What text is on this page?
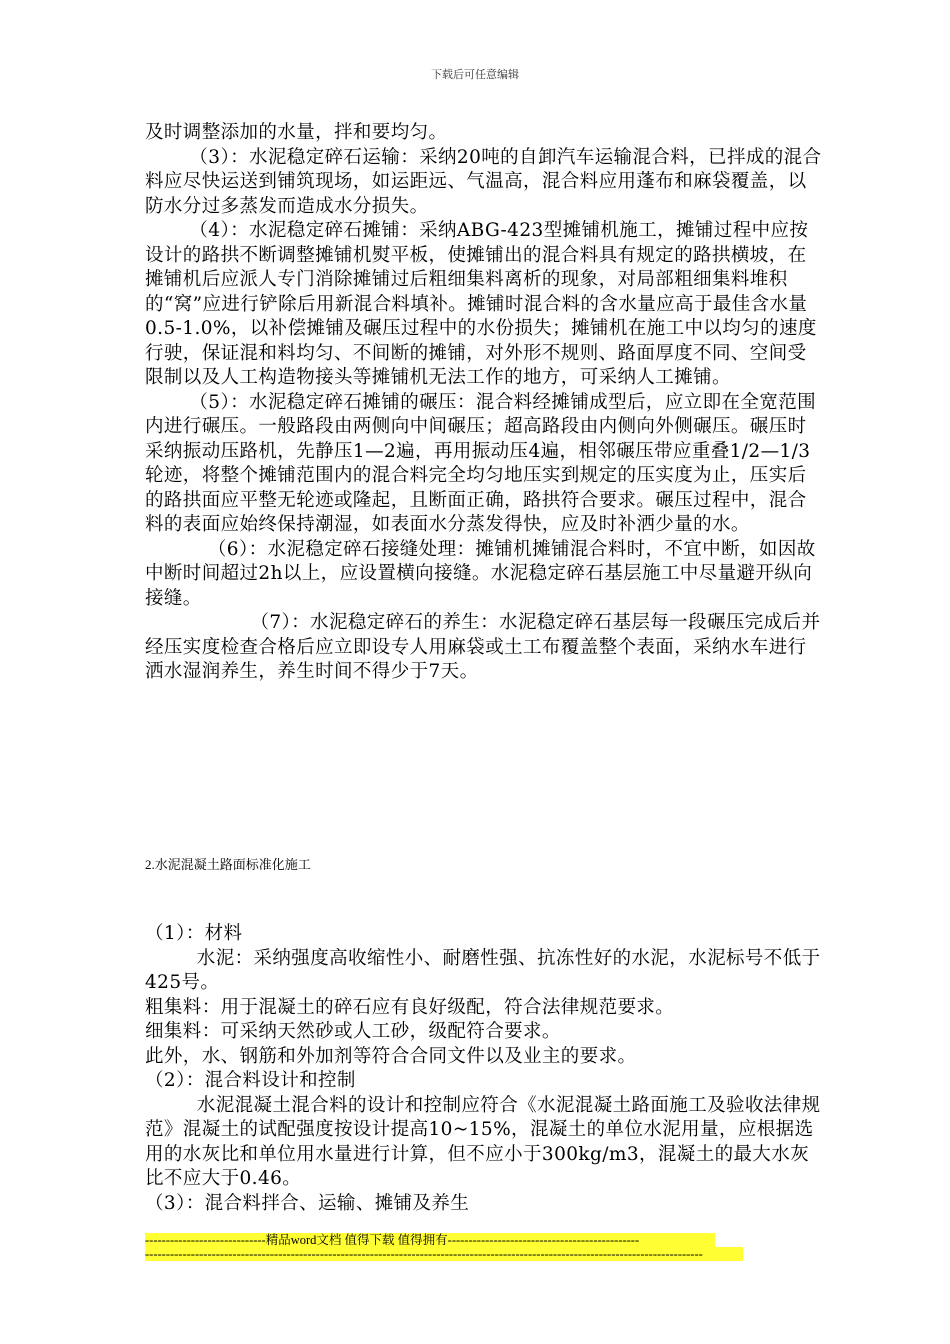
下载后可任意编辑

及时调整添加的水量，拌和要均匀。

（3）：水泥稳定碎石运输：采纳20吨的自卸汽车运输混合料，已拌成的混合料应尽快运送到铺筑现场，如运距远、气温高，混合料应用蓬布和麻袋覆盖，以防水分过多蒸发而造成水分损失。

（4）：水泥稳定碎石摊铺：采纳ABG-423型摊铺机施工，摊铺过程中应按设计的路拱不断调整摊铺机熨平板，使摊铺出的混合料具有规定的路拱横坡，在摊铺机后应派人专门消除摊铺过后粗细集料离析的现象，对局部粗细集料堆积的“窝”应进行铲除后用新混合料填补。摊铺时混合料的含水量应高于最佳含水量0.5-1.0%，以补偿摊铺及碾压过程中的水份损失；摊铺机在施工中以均匀的速度行驶，保证混和料均匀、不间断的摊铺，对外形不规则、路面厚度不同、空间受限制以及人工构造物接头等摊铺机无法工作的地方，可采纳人工摊铺。

（5）：水泥稳定碎石摊铺的碾压：混合料经摊铺成型后，应立即在全宽范围内进行碾压。一般路段由两侧向中间碾压；超高路段由内侧向外侧碾压。碾压时采纳振动压路机，先静压1—2遍，再用振动压4遍，相邻碾压带应重叠1/2—1/3轮迹，将整个摊铺范围内的混合料完全均匀地压实到规定的压实度为止，压实后的路拱面应平整无轮迹或隆起，且断面正确，路拱符合要求。碾压过程中，混合料的表面应始终保持潮湿，如表面水分蒸发得快，应及时补洒少量的水。

（6）：水泥稳定碎石接缝处理：摊铺机摊铺混合料时，不宜中断，如因故中断时间超过2h以上，应设置横向接缝。水泥稳定碎石基层施工中尽量避开纵向接缝。

（7）：水泥稳定碎石的养生：水泥稳定碎石基层每一段碾压完成后并经压实度检查合格后应立即设专人用麻袋或土工布覆盖整个表面，采纳水车进行洒水湿润养生，养生时间不得少于7天。

2.水泥混凝土路面标准化施工

（1）：材料

水泥：采纳强度高收缩性小、耐磨性强、抗冻性好的水泥，水泥标号不低于425号。

粗集料：用于混凝土的碎石应有良好级配，符合法律规范要求。

细集料：可采纳天然砂或人工砂，级配符合要求。

此外，水、钢筋和外加剂等符合合同文件以及业主的要求。

（2）：混合料设计和控制

水泥混凝土混合料的设计和控制应符合《水泥混凝土路面施工及验收法律规范》混凝土的试配强度按设计提高10~15%，混凝土的单位水泥用量，应根据选用的水灰比和单位用水量进行计算，但不应小于300kg/m3，混凝土的最大水灰比不应大于0.46。

（3）：混合料拌合、运输、摊铺及养生

-----------------------------精品word文档 值得下载 值得拥有----------------------------------------------
--------------------------------------------------------------------------------------------------------------------------------------
